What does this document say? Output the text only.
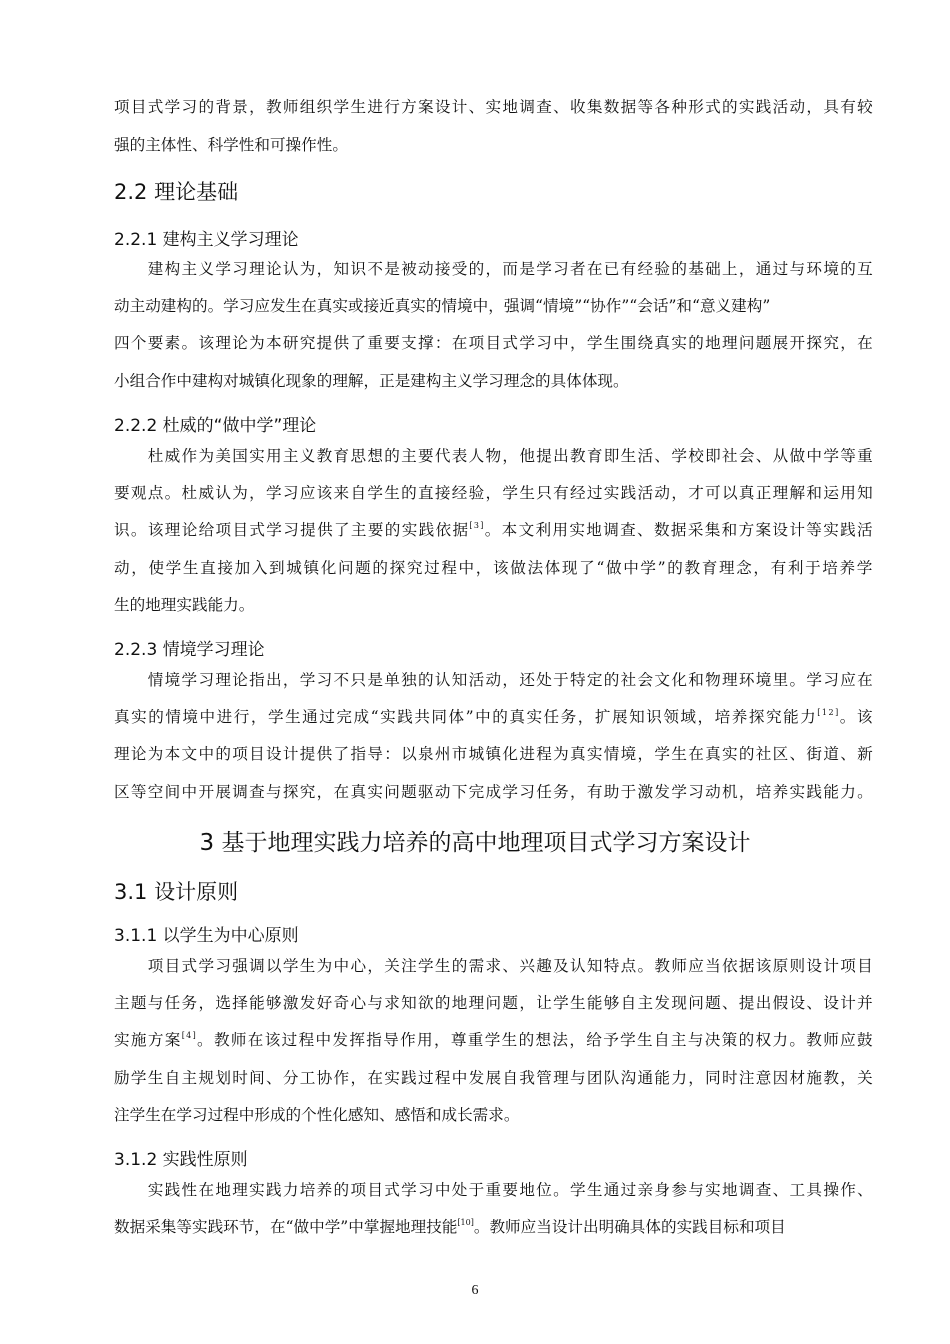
项目式学习的背景，教师组织学生进行方案设计、实地调查、收集数据等各种形式的实践活动，具有较
强的主体性、科学性和可操作性。
2.2 理论基础
2.2.1 建构主义学习理论
　　建构主义学习理论认为，知识不是被动接受的，而是学习者在已有经验的基础上，通过与环境的互
动主动建构的。学习应发生在真实或接近真实的情境中，强调“情境”“协作”“会话”和“意义建构”
四个要素。该理论为本研究提供了重要支撑：在项目式学习中，学生围绕真实的地理问题展开探究，在
小组合作中建构对城镇化现象的理解，正是建构主义学习理念的具体体现。
2.2.2 杜威的“做中学”理论
　　杜威作为美国实用主义教育思想的主要代表人物，他提出教育即生活、学校即社会、从做中学等重
要观点。杜威认为，学习应该来自学生的直接经验，学生只有经过实践活动，才可以真正理解和运用知
识。该理论给项目式学习提供了主要的实践依据[3]。本文利用实地调查、数据采集和方案设计等实践活
动，使学生直接加入到城镇化问题的探究过程中，该做法体现了“做中学”的教育理念，有利于培养学
生的地理实践能力。
2.2.3 情境学习理论
　　情境学习理论指出，学习不只是单独的认知活动，还处于特定的社会文化和物理环境里。学习应在
真实的情境中进行，学生通过完成“实践共同体”中的真实任务，扩展知识领域，培养探究能力[12]。该
理论为本文中的项目设计提供了指导：以泉州市城镇化进程为真实情境，学生在真实的社区、街道、新
区等空间中开展调查与探究，在真实问题驱动下完成学习任务，有助于激发学习动机，培养实践能力。
3 基于地理实践力培养的高中地理项目式学习方案设计
3.1 设计原则
3.1.1 以学生为中心原则
　　项目式学习强调以学生为中心，关注学生的需求、兴趣及认知特点。教师应当依据该原则设计项目
主题与任务，选择能够激发好奇心与求知欲的地理问题，让学生能够自主发现问题、提出假设、设计并
实施方案[4]。教师在该过程中发挥指导作用，尊重学生的想法，给予学生自主与决策的权力。教师应鼓
励学生自主规划时间、分工协作，在实践过程中发展自我管理与团队沟通能力，同时注意因材施教，关
注学生在学习过程中形成的个性化感知、感悟和成长需求。
3.1.2 实践性原则
　　实践性在地理实践力培养的项目式学习中处于重要地位。学生通过亲身参与实地调查、工具操作、
数据采集等实践环节，在“做中学”中掌握地理技能[10]。教师应当设计出明确具体的实践目标和项目
6
